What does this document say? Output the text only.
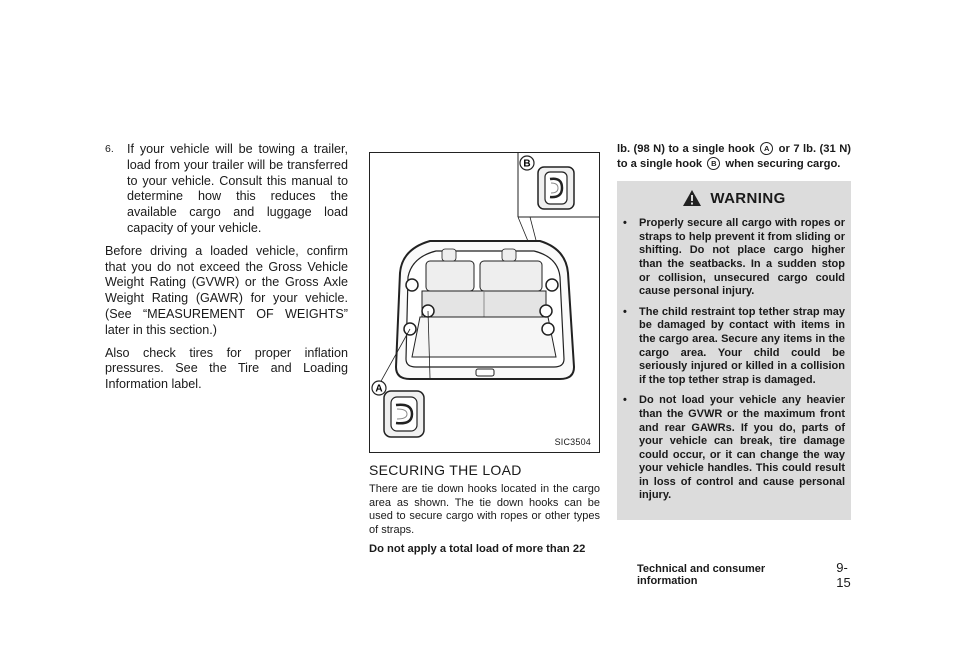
6.	If your vehicle will be towing a trailer, load from your trailer will be transferred to your vehicle. Consult this manual to determine how this reduces the available cargo and luggage load capacity of your vehicle.

Before driving a loaded vehicle, confirm that you do not exceed the Gross Vehicle Weight Rating (GVWR) or the Gross Axle Weight Rating (GAWR) for your vehicle. (See “MEASUREMENT OF WEIGHTS” later in this section.)

Also check tires for proper inflation pressures. See the Tire and Loading Information label.

B
A
SIC3504
SECURING THE LOAD

There are tie down hooks located in the cargo area as shown. The tie down hooks can be used to secure cargo with ropes or other types of straps.

Do not apply a total load of more than 22

lb. (98 N) to a single hook A or 7 lb. (31 N) to a single hook B when securing cargo.

WARNING
•	Properly secure all cargo with ropes or straps to help prevent it from sliding or shifting. Do not place cargo higher than the seatbacks. In a sudden stop or collision, unsecured cargo could cause personal injury.
•	The child restraint top tether strap may be damaged by contact with items in the cargo area. Secure any items in the cargo area. Your child could be seriously injured or killed in a collision if the top tether strap is damaged.
•	Do not load your vehicle any heavier than the GVWR or the maximum front and rear GAWRs. If you do, parts of your vehicle can break, tire damage could occur, or it can change the way your vehicle handles. This could result in loss of control and cause personal injury.
Technical and consumer information
9-15
